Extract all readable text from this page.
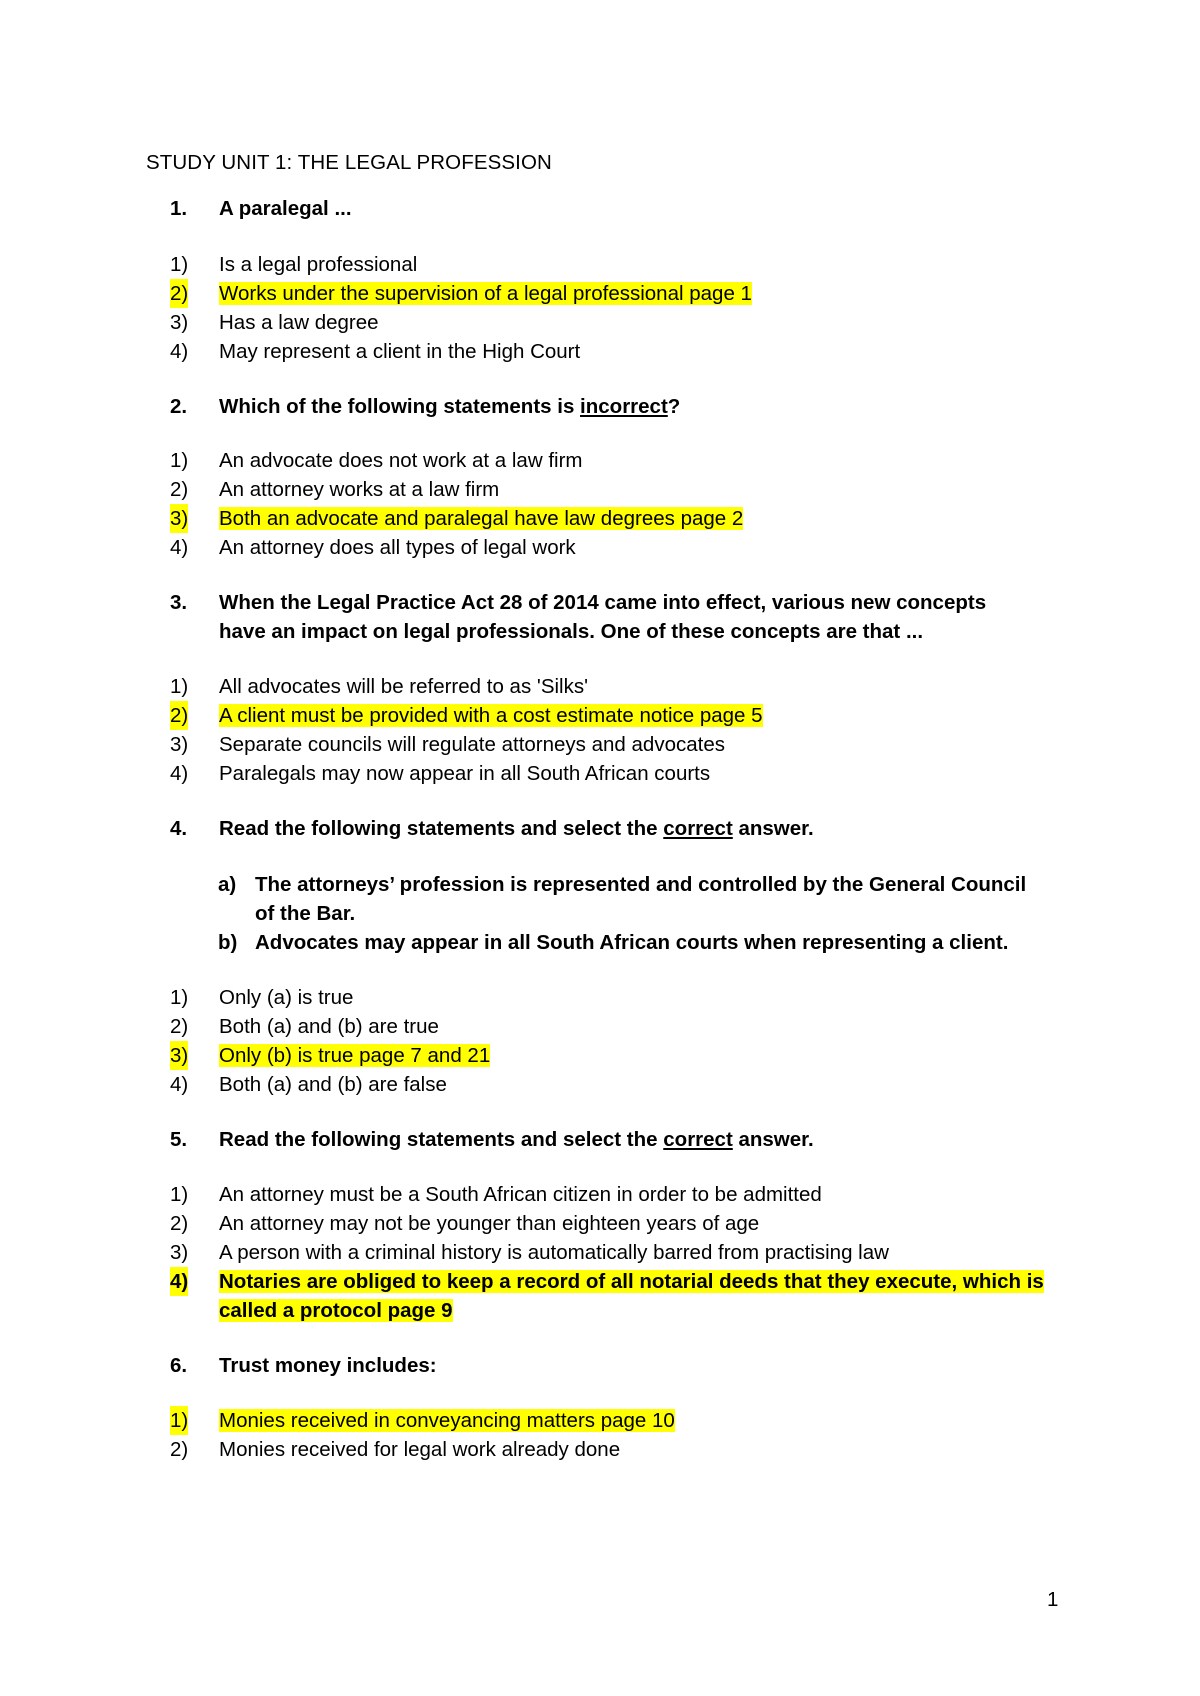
STUDY UNIT 1: THE LEGAL PROFESSION
1.	A paralegal ...
1)	Is a legal professional
2) Works under the supervision of a legal professional page 1
3)	Has a law degree
4)	May represent a client in the High Court
2.	Which of the following statements is incorrect?
1)	An advocate does not work at a law firm
2)	An attorney works at a law firm
3) Both an advocate and paralegal have law degrees page 2
4)	An attorney does all types of legal work
3.	When the Legal Practice Act 28 of 2014 came into effect, various new concepts
have an impact on legal professionals. One of these concepts are that ...
1)	All advocates will be referred to as 'Silks'
2) A client must be provided with a cost estimate notice page 5
3)	Separate councils will regulate attorneys and advocates
4)	Paralegals may now appear in all South African courts
4.	Read the following statements and select the correct answer.
a) The attorneys’ profession is represented and controlled by the General Council
of the Bar.
b) Advocates may appear in all South African courts when representing a client.
1)	Only (a) is true
2)	Both (a) and (b) are true
3) Only (b) is true page 7 and 21
4)	Both (a) and (b) are false
5.	Read the following statements and select the correct answer.
1)	An attorney must be a South African citizen in order to be admitted
2)	An attorney may not be younger than eighteen years of age
3)	A person with a criminal history is automatically barred from practising law
4) Notaries are obliged to keep a record of all notarial deeds that they execute, which is
called a protocol page 9
6.	Trust money includes:
1) Monies received in conveyancing matters page 10
2)	Monies received for legal work already done
1
